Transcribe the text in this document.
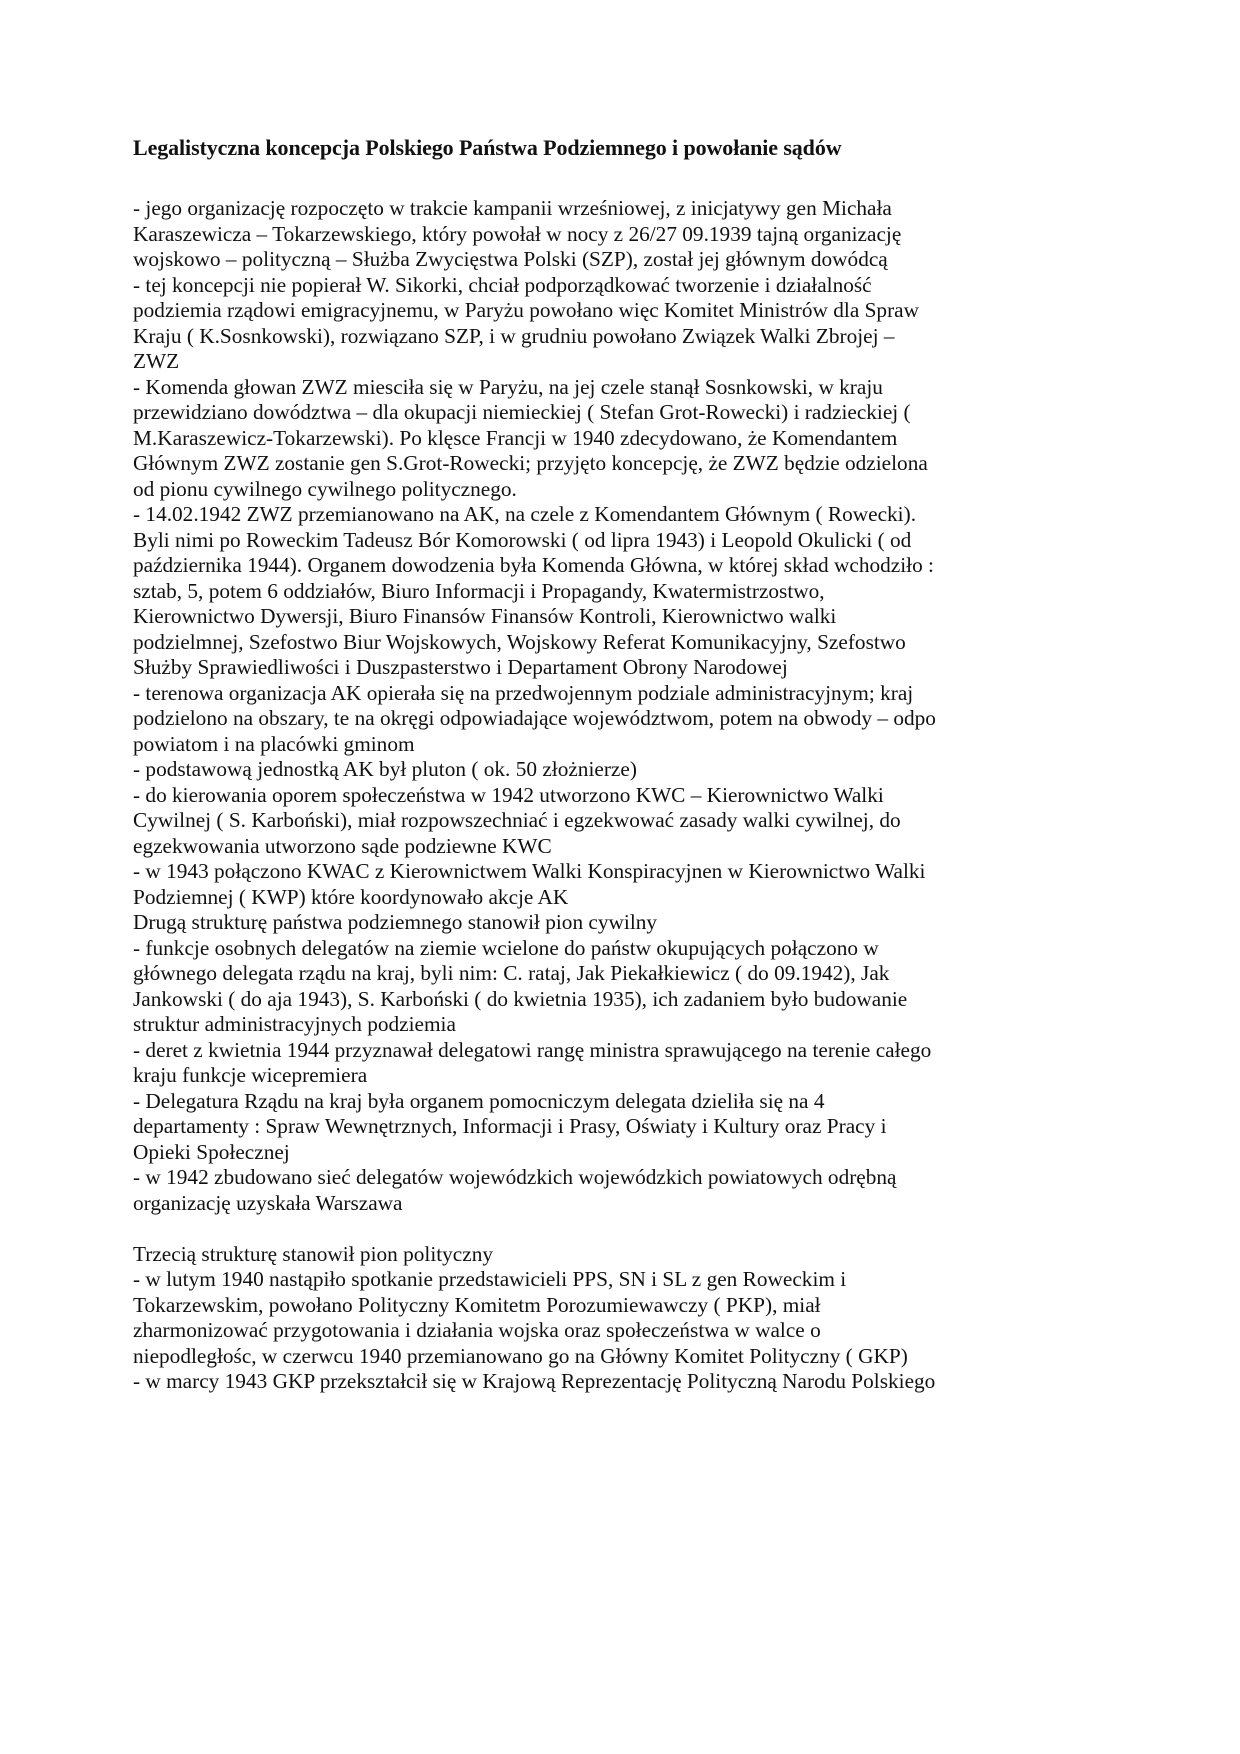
Legalistyczna koncepcja Polskiego Państwa Podziemnego i powołanie sądów
- jego organizację rozpoczęto w trakcie kampanii wrześniowej, z inicjatywy gen Michała
Karaszewicza – Tokarzewskiego, który powołał w nocy z 26/27 09.1939 tajną organizację
wojskowo – polityczną – Służba Zwycięstwa Polski (SZP), został jej głównym dowódcą
- tej koncepcji nie popierał W. Sikorki, chciał podporządkować tworzenie i działalność
podziemia rządowi emigracyjnemu, w Paryżu powołano więc Komitet Ministrów dla Spraw
Kraju ( K.Sosnkowski), rozwiązano SZP, i w grudniu powołano Związek Walki Zbrojej –
ZWZ
- Komenda głowan ZWZ miesciła się w Paryżu, na jej czele stanął Sosnkowski, w kraju
przewidziano dowództwa – dla okupacji niemieckiej ( Stefan Grot-Rowecki) i radzieckiej (
M.Karaszewicz-Tokarzewski). Po klęsce Francji w 1940 zdecydowano, że Komendantem
Głównym ZWZ zostanie gen S.Grot-Rowecki; przyjęto koncepcję, że ZWZ będzie odzielona
od pionu cywilnego cywilnego politycznego.
- 14.02.1942 ZWZ przemianowano na AK, na czele z Komendantem Głównym ( Rowecki).
Byli nimi po Roweckim Tadeusz Bór Komorowski ( od lipra 1943) i Leopold Okulicki ( od
października 1944). Organem dowodzenia była Komenda Główna, w której skład wchodziło :
sztab, 5, potem 6 oddziałów, Biuro Informacji i Propagandy, Kwatermistrzostwo,
Kierownictwo Dywersji, Biuro Finansów Finansów Kontroli, Kierownictwo walki
podzielmnej, Szefostwo Biur Wojskowych, Wojskowy Referat Komunikacyjny, Szefostwo
Służby Sprawiedliwości i Duszpasterstwo i Departament Obrony Narodowej
- terenowa organizacja AK opierała się na przedwojennym podziale administracyjnym; kraj
podzielono na obszary, te na okręgi odpowiadające województwom, potem na obwody – odpo
powiatom i na placówki gminom
- podstawową jednostką AK był pluton ( ok. 50 złożnierze)
- do kierowania oporem społeczeństwa w 1942 utworzono KWC – Kierownictwo Walki
Cywilnej ( S. Karboński), miał rozpowszechniać i egzekwować zasady walki cywilnej, do
egzekwowania utworzono sąde podziewne KWC
- w 1943 połączono KWAC z Kierownictwem Walki Konspiracyjnen w Kierownictwo Walki
Podziemnej ( KWP) które koordynowało akcje AK
Drugą strukturę państwa podziemnego stanowił pion cywilny
- funkcje osobnych delegatów na ziemie wcielone do państw okupujących połączono w
głównego delegata rządu na kraj, byli nim: C. rataj, Jak Piekałkiewicz ( do 09.1942), Jak
Jankowski ( do aja 1943), S. Karboński ( do kwietnia 1935), ich zadaniem było budowanie
struktur administracyjnych podziemia
- deret z kwietnia 1944 przyznawał delegatowi rangę ministra sprawującego na terenie całego
kraju funkcje wicepremiera
- Delegatura Rządu na kraj była organem pomocniczym delegata dzieliła się na 4
departamenty : Spraw Wewnętrznych, Informacji i Prasy, Oświaty i Kultury oraz Pracy i
Opieki Społecznej
- w 1942 zbudowano sieć delegatów wojewódzkich wojewódzkich powiatowych odrębną
organizację uzyskała Warszawa
Trzecią strukturę stanowił pion polityczny
- w lutym 1940 nastąpiło spotkanie przedstawicieli PPS, SN i SL z gen Roweckim i
Tokarzewskim, powołano Polityczny Komitetm Porozumiewawczy ( PKP), miał
zharmonizować przygotowania i działania wojska oraz społeczeństwa w walce o
niepodległośc, w czerwcu 1940 przemianowano go na Główny Komitet Polityczny ( GKP)
- w marcy 1943 GKP przekształcił się w Krajową Reprezentację Polityczną Narodu Polskiego
